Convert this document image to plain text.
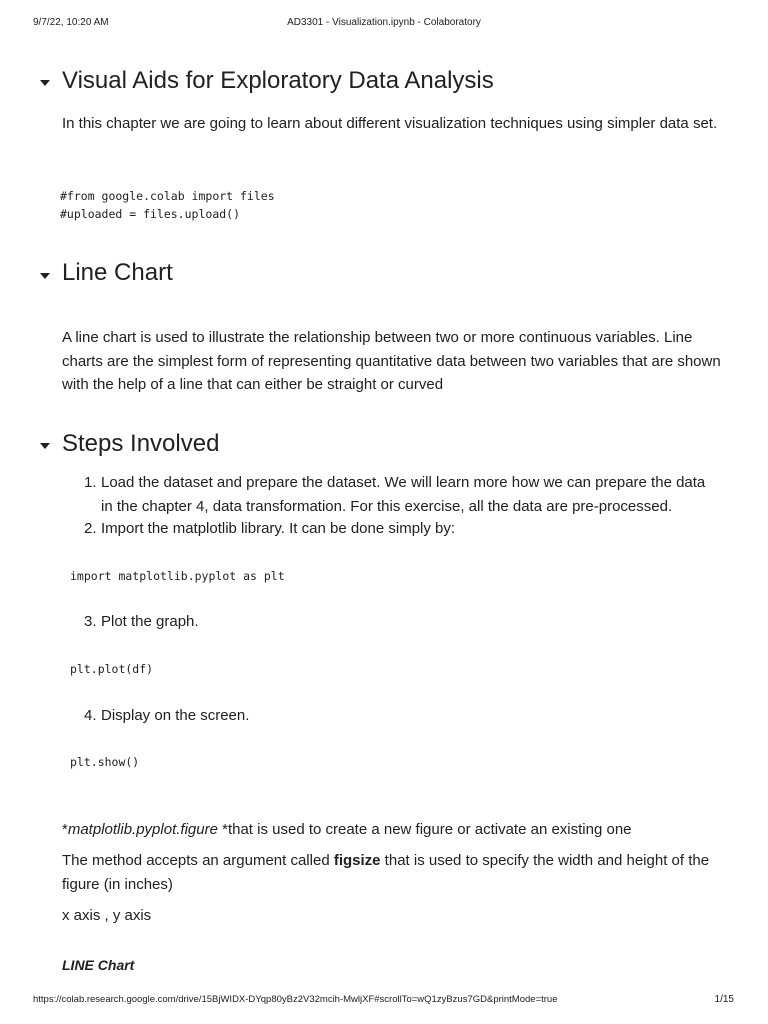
9/7/22, 10:20 AM	AD3301 - Visualization.ipynb - Colaboratory
Visual Aids for Exploratory Data Analysis
In this chapter we are going to learn about different visualization techniques using simpler data set.
#from google.colab import files
#uploaded = files.upload()
Line Chart
A line chart is used to illustrate the relationship between two or more continuous variables. Line charts are the simplest form of representing quantitative data between two variables that are shown with the help of a line that can either be straight or curved
Steps Involved
1. Load the dataset and prepare the dataset. We will learn more how we can prepare the data in the chapter 4, data transformation. For this exercise, all the data are pre-processed.
2. Import the matplotlib library. It can be done simply by:
import matplotlib.pyplot as plt
3. Plot the graph.
plt.plot(df)
4. Display on the screen.
plt.show()
*matplotlib.pyplot.figure *that is used to create a new figure or activate an existing one
The method accepts an argument called figsize that is used to specify the width and height of the figure (in inches)
x axis , y axis
LINE Chart
https://colab.research.google.com/drive/15BjWIDX-DYqp80yBz2V32mcih-MwljXF#scrollTo=wQ1zyBzus7GD&printMode=true	1/15
